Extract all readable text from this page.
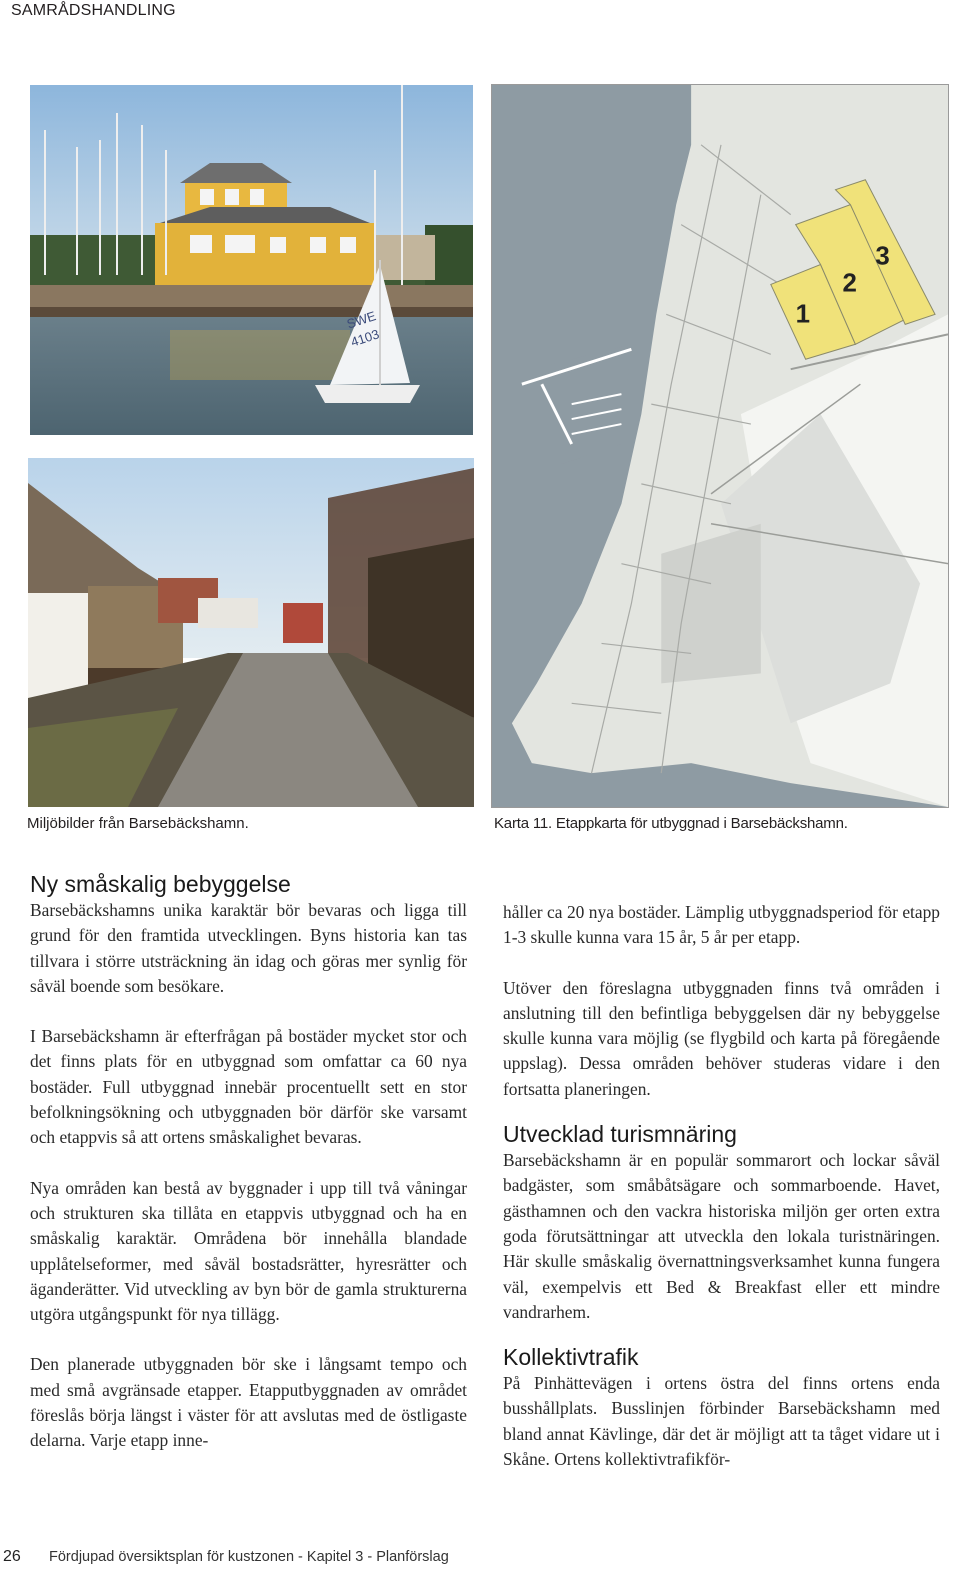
SAMRÅDSHANDLING
SWE
4103
1
2
3
Miljöbilder från Barsebäckshamn.	Karta 11. Etappkarta för utbyggnad i Barsebäckshamn.
Ny småskalig bebyggelse

Barsebäckshamns unika karaktär bör bevaras och ligga till grund för den framtida utvecklingen. Byns historia kan tas tillvara i större utsträckning än idag och göras mer synlig för såväl boende som besökare.

I Barsebäckshamn är efterfrågan på bostäder mycket stor och det finns plats för en utbyggnad som omfattar ca 60 nya bostäder. Full utbyggnad innebär procentuellt sett en stor befolkningsökning och utbyggnaden bör därför ske varsamt och etappvis så att ortens småskalighet bevaras.

Nya områden kan bestå av byggnader i upp till två våningar och strukturen ska tillåta en etappvis utbyggnad och ha en småskalig karaktär. Områdena bör innehålla blandade upplåtelseformer, med såväl bostadsrätter, hyresrätter och äganderätter. Vid utveckling av byn bör de gamla strukturerna utgöra utgångspunkt för nya tillägg.

Den planerade utbyggnaden bör ske i långsamt tempo och med små avgränsade etapper. Etapputbyggnaden av området föreslås börja längst i väster för att avslutas med de östligaste delarna. Varje etapp inne-

håller ca 20 nya bostäder. Lämplig utbyggnadsperiod för etapp 1-3 skulle kunna vara 15 år, 5 år per etapp.

Utöver den föreslagna utbyggnaden finns två områden i anslutning till den befintliga bebyggelsen där ny bebyggelse skulle kunna vara möjlig (se flygbild och karta på föregående uppslag). Dessa områden behöver studeras vidare i den fortsatta planeringen.

Utvecklad turismnäring

Barsebäckshamn är en populär sommarort och lockar såväl badgäster, som småbåtsägare och sommarboende. Havet, gästhamnen och den vackra historiska miljön ger orten extra goda förutsättningar att utveckla den lokala turistnäringen. Här skulle småskalig övernattningsverksamhet kunna fungera väl, exempelvis ett Bed & Breakfast eller ett mindre vandrarhem.

Kollektivtrafik

På Pinhättevägen i ortens östra del finns ortens enda busshållplats. Busslinjen förbinder Barsebäckshamn med bland annat Kävlinge, där det är möjligt att ta tåget vidare ut i Skåne. Ortens kollektivtrafikför-

26 Fördjupad översiktsplan för kustzonen - Kapitel 3 - Planförslag
